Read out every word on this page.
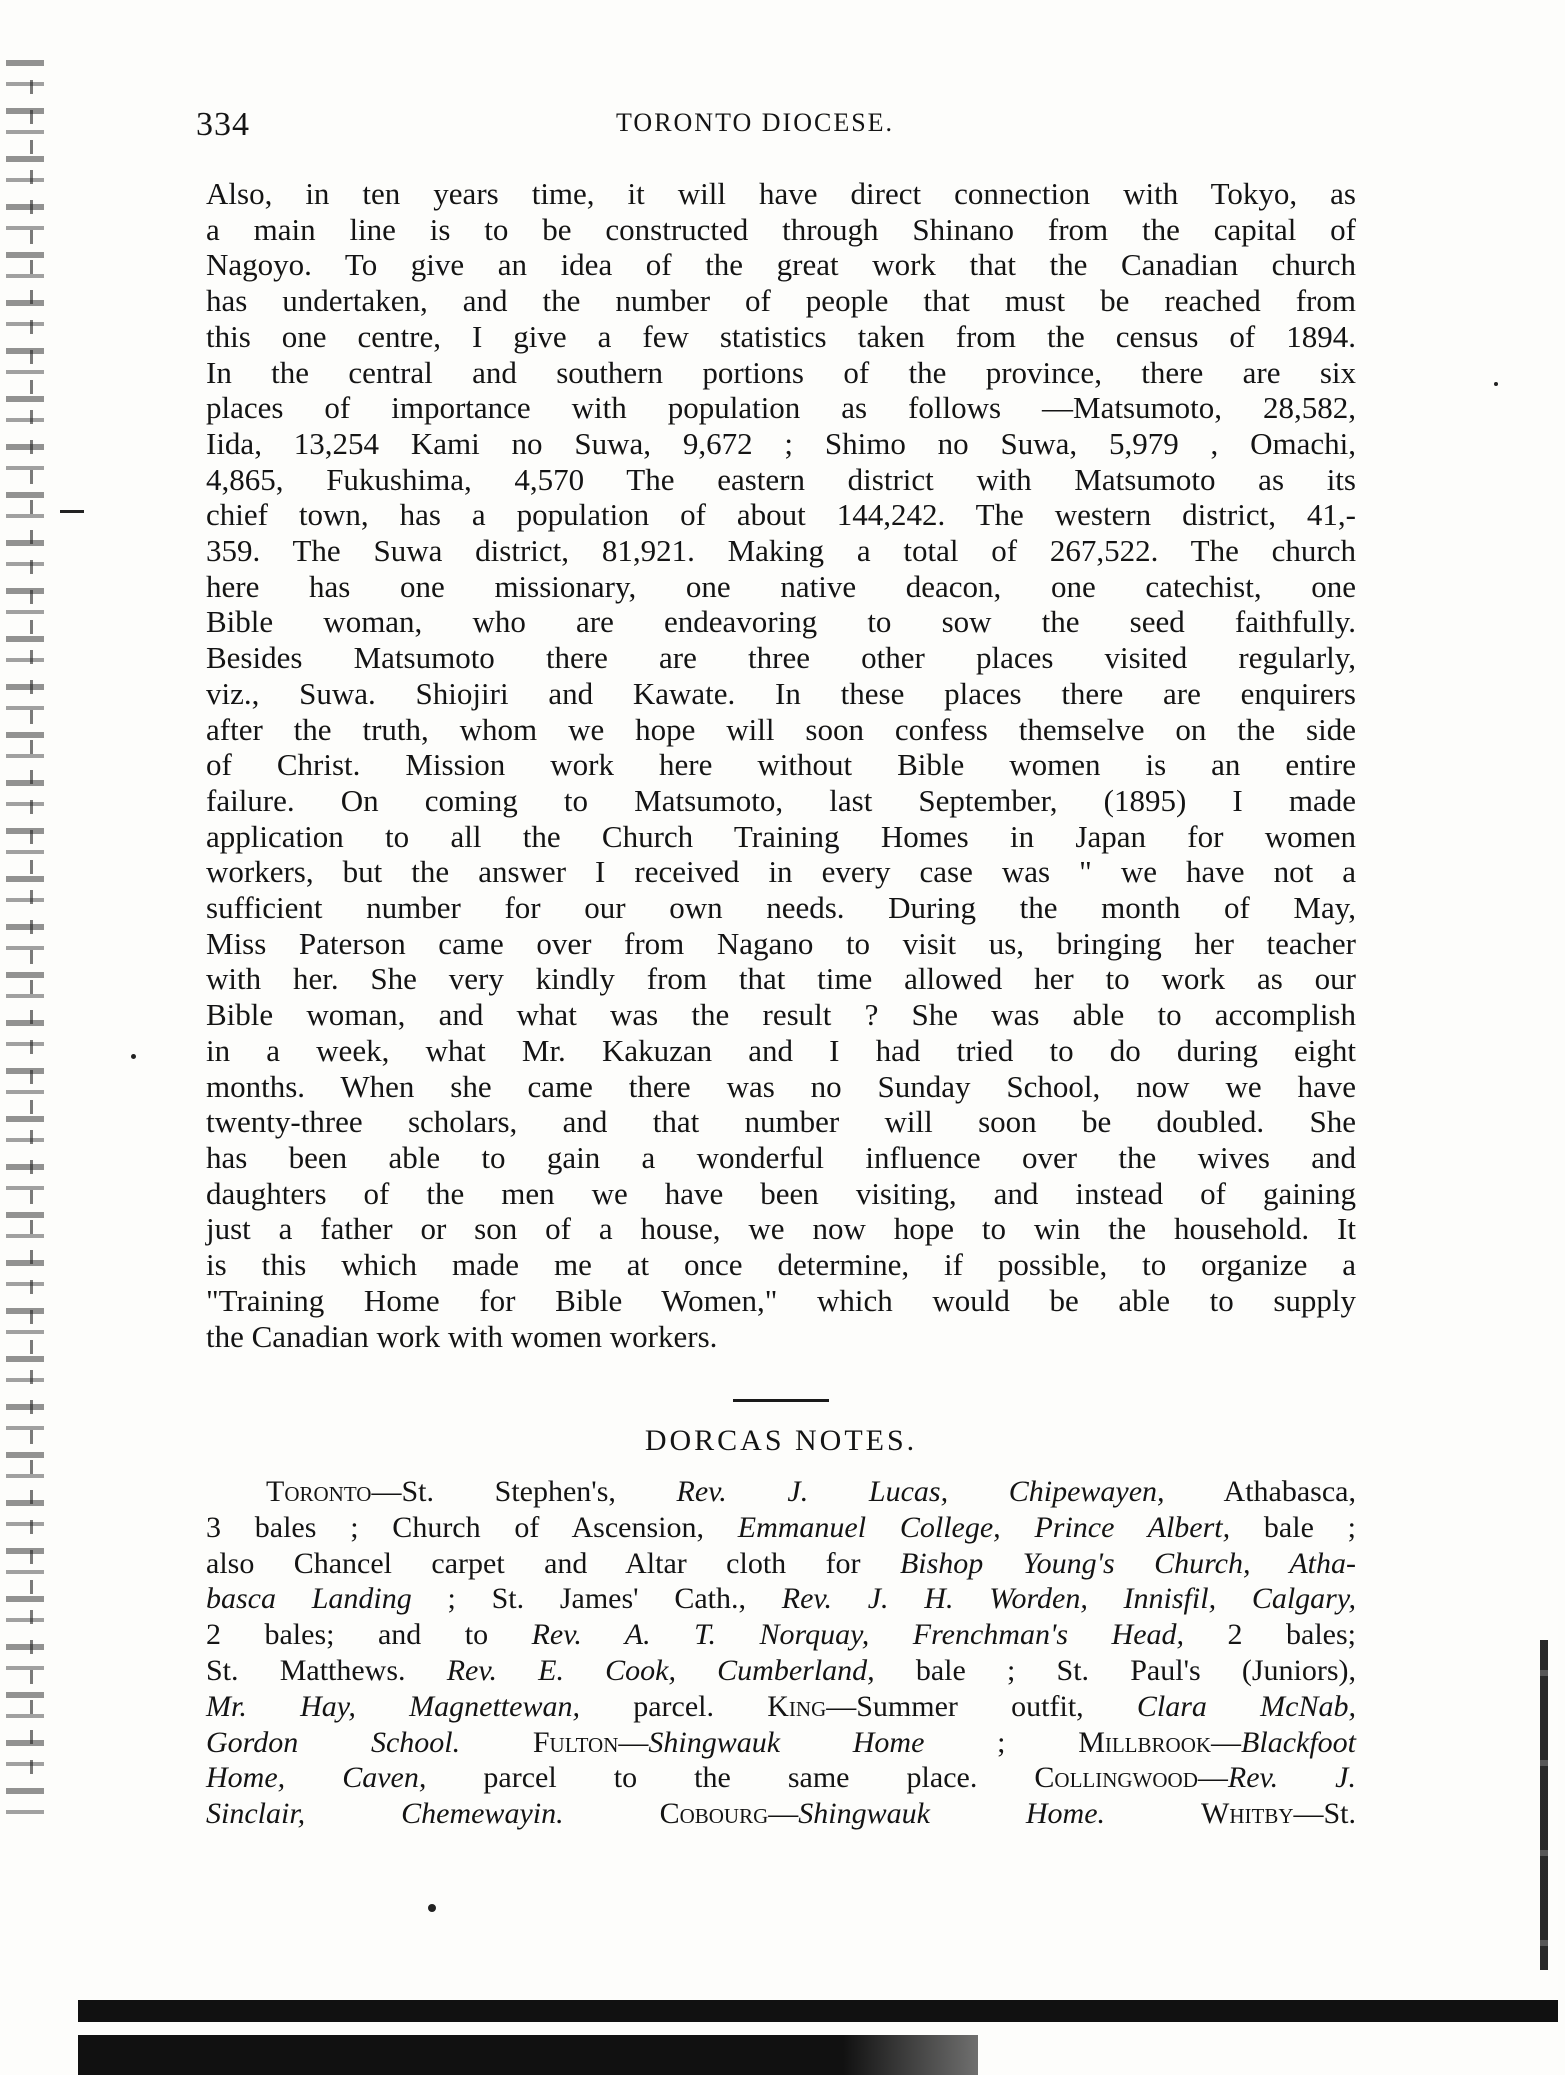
334	TORONTO DIOCESE.
Also, in ten years time, it will have direct connection with Tokyo, as
a main line is to be constructed through Shinano from the capital of
Nagoyo. To give an idea of the great work that the Canadian church
has undertaken, and the number of people that must be reached from
this one centre, I give a few statistics taken from the census of 1894.
In the central and southern portions of the province, there are six
places of importance with population as follows —Matsumoto, 28,582,
Iida, 13,254 Kami no Suwa, 9,672 ; Shimo no Suwa, 5,979 , Omachi,
4,865, Fukushima, 4,570 The eastern district with Matsumoto as its
chief town, has a population of about 144,242. The western district, 41,-
359. The Suwa district, 81,921. Making a total of 267,522. The church
here has one missionary, one native deacon, one catechist, one
Bible woman, who are endeavoring to sow the seed faithfully.
Besides Matsumoto there are three other places visited regularly,
viz., Suwa. Shiojiri and Kawate. In these places there are enquirers
after the truth, whom we hope will soon confess themselve on the side
of Christ. Mission work here without Bible women is an entire
failure. On coming to Matsumoto, last September, (1895) I made
application to all the Church Training Homes in Japan for women
workers, but the answer I received in every case was " we have not a
sufficient number for our own needs. During the month of May,
Miss Paterson came over from Nagano to visit us, bringing her teacher
with her. She very kindly from that time allowed her to work as our
Bible woman, and what was the result ? She was able to accomplish
in a week, what Mr. Kakuzan and I had tried to do during eight
months. When she came there was no Sunday School, now we have
twenty-three scholars, and that number will soon be doubled. She
has been able to gain a wonderful influence over the wives and
daughters of the men we have been visiting, and instead of gaining
just a father or son of a house, we now hope to win the household. It
is this which made me at once determine, if possible, to organize a
"Training Home for Bible Women," which would be able to supply
the Canadian work with women workers.
DORCAS NOTES.
Toronto—St. Stephen's, Rev. J. Lucas, Chipewayen, Athabasca,
3 bales ; Church of Ascension, Emmanuel College, Prince Albert, bale ;
also Chancel carpet and Altar cloth for Bishop Young's Church, Atha-
basca Landing ; St. James' Cath., Rev. J. H. Worden, Innisfil, Calgary,
2 bales; and to Rev. A. T. Norquay, Frenchman's Head, 2 bales;
St. Matthews. Rev. E. Cook, Cumberland, bale ; St. Paul's (Juniors),
Mr. Hay, Magnettewan, parcel. King—Summer outfit, Clara McNab,
Gordon School. Fulton—Shingwauk Home ; Millbrook—Blackfoot
Home, Caven, parcel to the same place. Collingwood—Rev. J.
Sinclair, Chemewayin.	Cobourg—Shingwauk Home.	Whitby—St.
